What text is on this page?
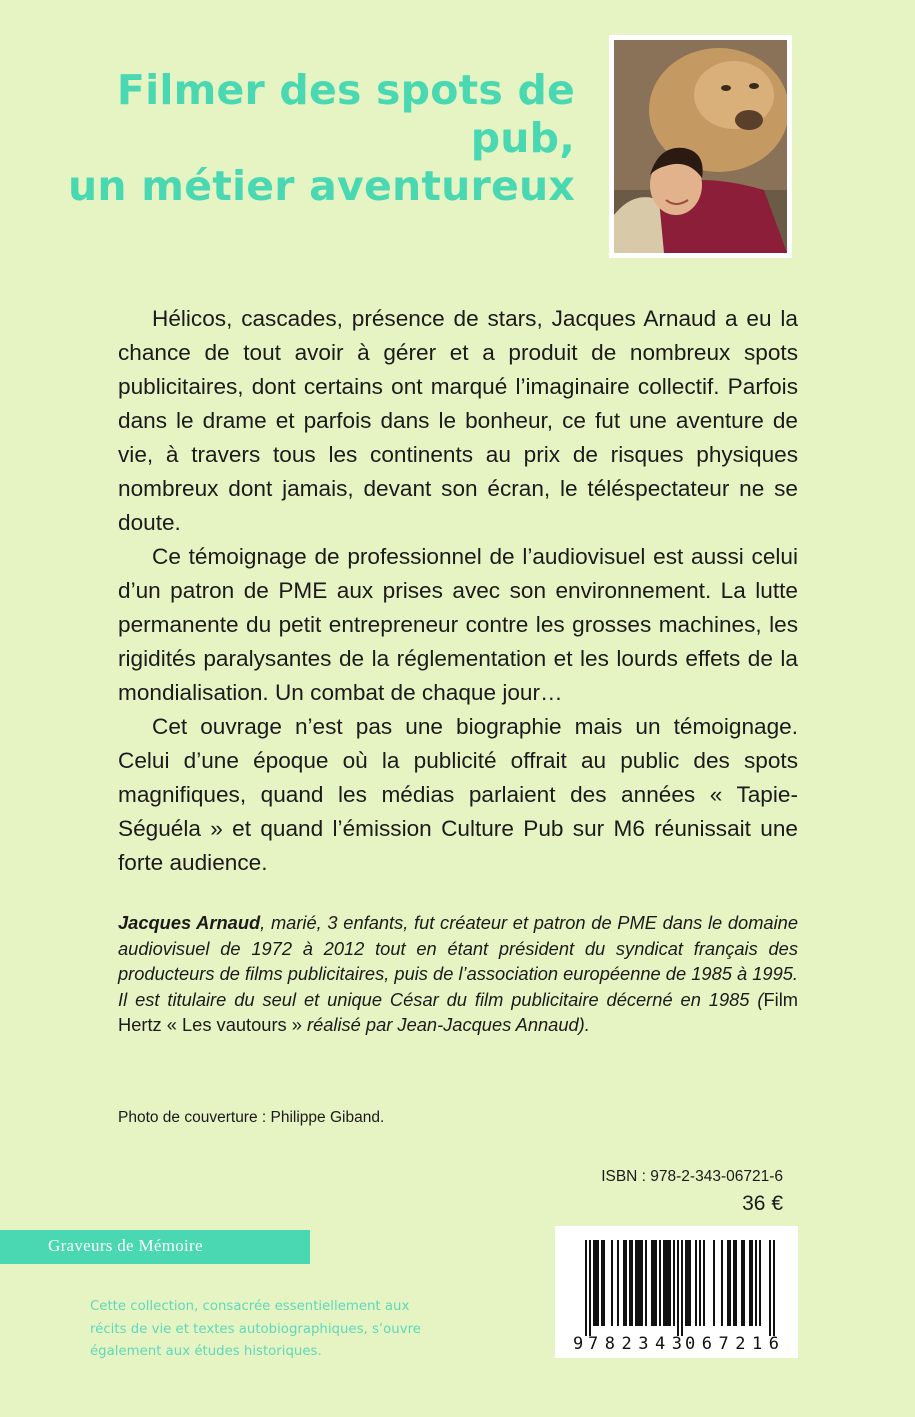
Filmer des spots de pub,
un métier aventureux

Hélicos, cascades, présence de stars, Jacques Arnaud a eu la chance de tout avoir à gérer et a produit de nombreux spots publicitaires, dont certains ont marqué l’imaginaire collectif. Parfois dans le drame et parfois dans le bonheur, ce fut une aventure de vie, à travers tous les continents au prix de risques physiques nombreux dont jamais, devant son écran, le téléspectateur ne se doute.

Ce témoignage de professionnel de l’audiovisuel est aussi celui d’un patron de PME aux prises avec son environnement. La lutte permanente du petit entrepreneur contre les grosses machines, les rigidités paralysantes de la réglementation et les lourds effets de la mondialisation. Un combat de chaque jour…

Cet ouvrage n’est pas une biographie mais un témoignage. Celui d’une époque où la publicité offrait au public des spots magnifiques, quand les médias parlaient des années « Tapie-Séguéla » et quand l’émission Culture Pub sur M6 réunissait une forte audience.

Jacques Arnaud, marié, 3 enfants, fut créateur et patron de PME dans le domaine audiovisuel de 1972 à 2012 tout en étant président du syndicat français des producteurs de films publicitaires, puis de l’association européenne de 1985 à 1995. Il est titulaire du seul et unique César du film publicitaire décerné en 1985 (Film Hertz « Les vautours » réalisé par Jean-Jacques Annaud).
Photo de couverture : Philippe Giband.
ISBN : 978-2-343-06721-6
36 €
Graveurs de Mémoire
Cette collection, consacrée essentiellement aux récits de vie et textes autobiographiques, s’ouvre également aux études historiques.	9 782343 067216
